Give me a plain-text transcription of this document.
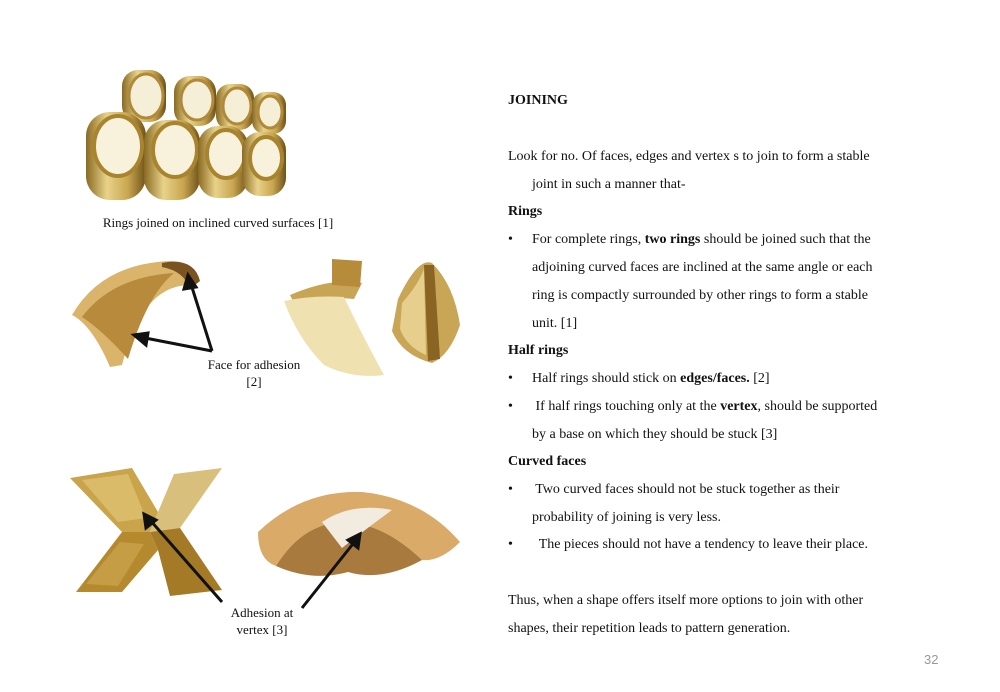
Rings joined on inclined curved surfaces [1]
Face for adhesion
[2]
Adhesion at
vertex [3]
JOINING
Look for no. Of faces, edges and vertex s to join to form a stable
joint in such a manner that-
Rings
• For complete rings, two rings should be joined such that the
adjoining curved faces are inclined at the same angle or each
ring is compactly surrounded by other rings to form a stable
unit. [1]
Half rings
• Half rings should stick on edges/faces. [2]
• If half rings touching only at the vertex, should be supported
by a base on which they should be stuck [3]
Curved faces
• Two curved faces should not be stuck together as their
probability of joining is very less.
• The pieces should not have a tendency to leave their place.
Thus, when a shape offers itself more options to join with other
shapes, their repetition leads to pattern generation.
32
